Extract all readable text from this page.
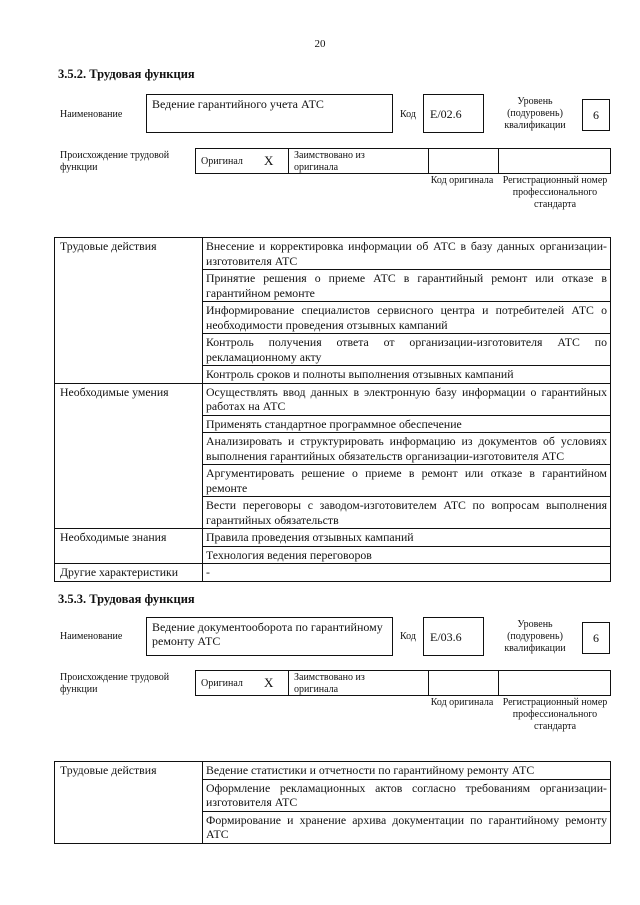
20
3.5.2. Трудовая функция
Наименование
Ведение гарантийного учета АТС
Код	E/02.6
Уровень (подуровень) квалификации
6
Происхождение трудовой функции
Оригинал X Заимствовано из оригинала
Код оригинала Регистрационный номер профессионального стандарта
Трудовые действия	Внесение и корректировка информации об АТС в базу данных организации-изготовителя АТС
	Принятие решения о приеме АТС в гарантийный ремонт или отказе в гарантийном ремонте
	Информирование специалистов сервисного центра и потребителей АТС о необходимости проведения отзывных кампаний
	Контроль получения ответа от организации-изготовителя АТС по рекламационному акту
	Контроль сроков и полноты выполнения отзывных кампаний
Необходимые умения	Осуществлять ввод данных в электронную базу информации о гарантийных работах на АТС
	Применять стандартное программное обеспечение
	Анализировать и структурировать информацию из документов об условиях выполнения гарантийных обязательств организации-изготовителя АТС
	Аргументировать решение о приеме в ремонт или отказе в гарантийном ремонте
	Вести переговоры с заводом-изготовителем АТС по вопросам выполнения гарантийных обязательств
Необходимые знания	Правила проведения отзывных кампаний
	Технология ведения переговоров
Другие характеристики	-
3.5.3. Трудовая функция
Наименование
Ведение документооборота по гарантийному ремонту АТС	Код	E/03.6
Уровень (подуровень) квалификации
6
Происхождение трудовой функции
Оригинал X Заимствовано из оригинала
Код оригинала Регистрационный номер профессионального стандарта
Трудовые действия	Ведение статистики и отчетности по гарантийному ремонту АТС
Оформление рекламационных актов согласно требованиям организации-изготовителя АТС
Формирование и хранение архива документации по гарантийному ремонту АТС
